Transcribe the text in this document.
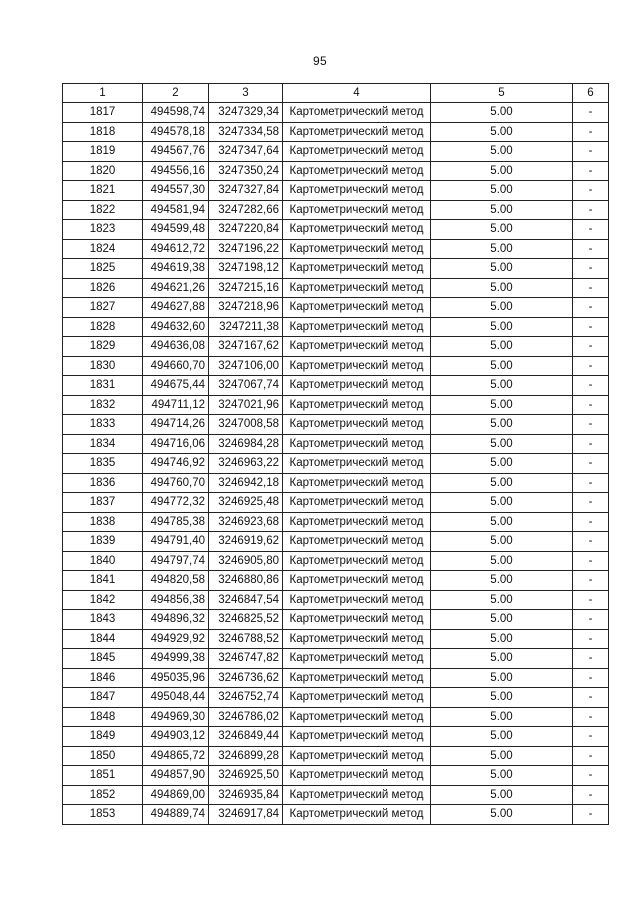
95
1	2	3	4	5	6
1817	494598,74	3247329,34	Картометрический метод	5.00	-
1818	494578,18	3247334,58	Картометрический метод	5.00	-
1819	494567,76	3247347,64	Картометрический метод	5.00	-
1820	494556,16	3247350,24	Картометрический метод	5.00	-
1821	494557,30	3247327,84	Картометрический метод	5.00	-
1822	494581,94	3247282,66	Картометрический метод	5.00	-
1823	494599,48	3247220,84	Картометрический метод	5.00	-
1824	494612,72	3247196,22	Картометрический метод	5.00	-
1825	494619,38	3247198,12	Картометрический метод	5.00	-
1826	494621,26	3247215,16	Картометрический метод	5.00	-
1827	494627,88	3247218,96	Картометрический метод	5.00	-
1828	494632,60	3247211,38	Картометрический метод	5.00	-
1829	494636,08	3247167,62	Картометрический метод	5.00	-
1830	494660,70	3247106,00	Картометрический метод	5.00	-
1831	494675,44	3247067,74	Картометрический метод	5.00	-
1832	494711,12	3247021,96	Картометрический метод	5.00	-
1833	494714,26	3247008,58	Картометрический метод	5.00	-
1834	494716,06	3246984,28	Картометрический метод	5.00	-
1835	494746,92	3246963,22	Картометрический метод	5.00	-
1836	494760,70	3246942,18	Картометрический метод	5.00	-
1837	494772,32	3246925,48	Картометрический метод	5.00	-
1838	494785,38	3246923,68	Картометрический метод	5.00	-
1839	494791,40	3246919,62	Картометрический метод	5.00	-
1840	494797,74	3246905,80	Картометрический метод	5.00	-
1841	494820,58	3246880,86	Картометрический метод	5.00	-
1842	494856,38	3246847,54	Картометрический метод	5.00	-
1843	494896,32	3246825,52	Картометрический метод	5.00	-
1844	494929,92	3246788,52	Картометрический метод	5.00	-
1845	494999,38	3246747,82	Картометрический метод	5.00	-
1846	495035,96	3246736,62	Картометрический метод	5.00	-
1847	495048,44	3246752,74	Картометрический метод	5.00	-
1848	494969,30	3246786,02	Картометрический метод	5.00	-
1849	494903,12	3246849,44	Картометрический метод	5.00	-
1850	494865,72	3246899,28	Картометрический метод	5.00	-
1851	494857,90	3246925,50	Картометрический метод	5.00	-
1852	494869,00	3246935,84	Картометрический метод	5.00	-
1853	494889,74	3246917,84	Картометрический метод	5.00	-
